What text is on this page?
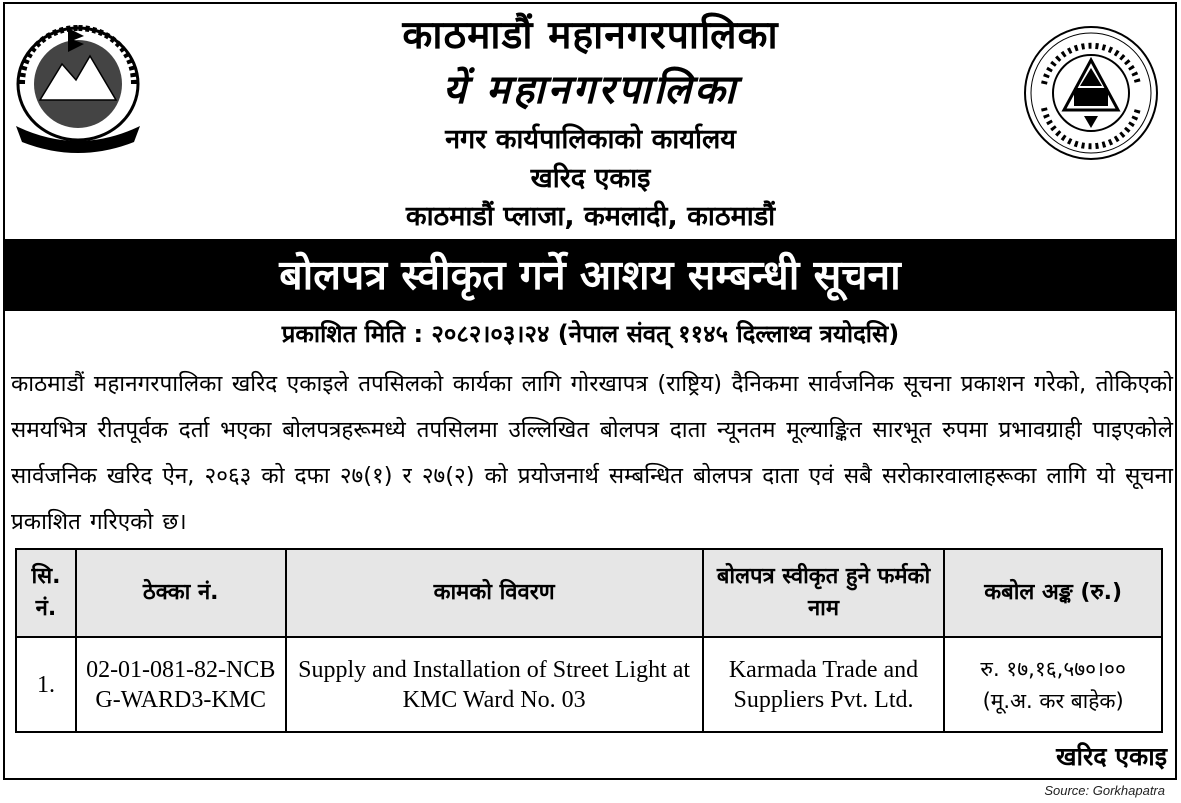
काठमाडौं महानगरपालिका
यें महानगरपालिका
नगर कार्यपालिकाको कार्यालय
खरिद एकाइ
काठमाडौं प्लाजा, कमलादी, काठमाडौं
बोलपत्र स्वीकृत गर्ने आशय सम्बन्धी सूचना
प्रकाशित मिति : २०८२।०३।२४ (नेपाल संवत् ११४५ दिल्लाथ्व त्रयोदसि)
काठमाडौं महानगरपालिका खरिद एकाइले तपसिलको कार्यका लागि गोरखापत्र (राष्ट्रिय) दैनिकमा सार्वजनिक सूचना प्रकाशन गरेको, तोकिएको समयभित्र रीतपूर्वक दर्ता भएका बोलपत्रहरूमध्ये तपसिलमा उल्लिखित बोलपत्र दाता न्यूनतम मूल्याङ्कित सारभूत रुपमा प्रभावग्राही पाइएकोले सार्वजनिक खरिद ऐन, २०६३ को दफा २७(१) र २७(२) को प्रयोजनार्थ सम्बन्धित बोलपत्र दाता एवं सबै सरोकारवालाहरूका लागि यो सूचना प्रकाशित गरिएको छ।
सि. नं.	ठेक्का नं.	कामको विवरण	बोलपत्र स्वीकृत हुने फर्मको नाम	कबोल अङ्क (रु.)
1.	02-01-081-82-NCBG-WARD3-KMC	Supply and Installation of Street Light at KMC Ward No. 03	Karmada Trade and Suppliers Pvt. Ltd.	रु. १७,१६,५७०।००
(मू.अ. कर बाहेक)
खरिद एकाइ
Source: Gorkhapatra
